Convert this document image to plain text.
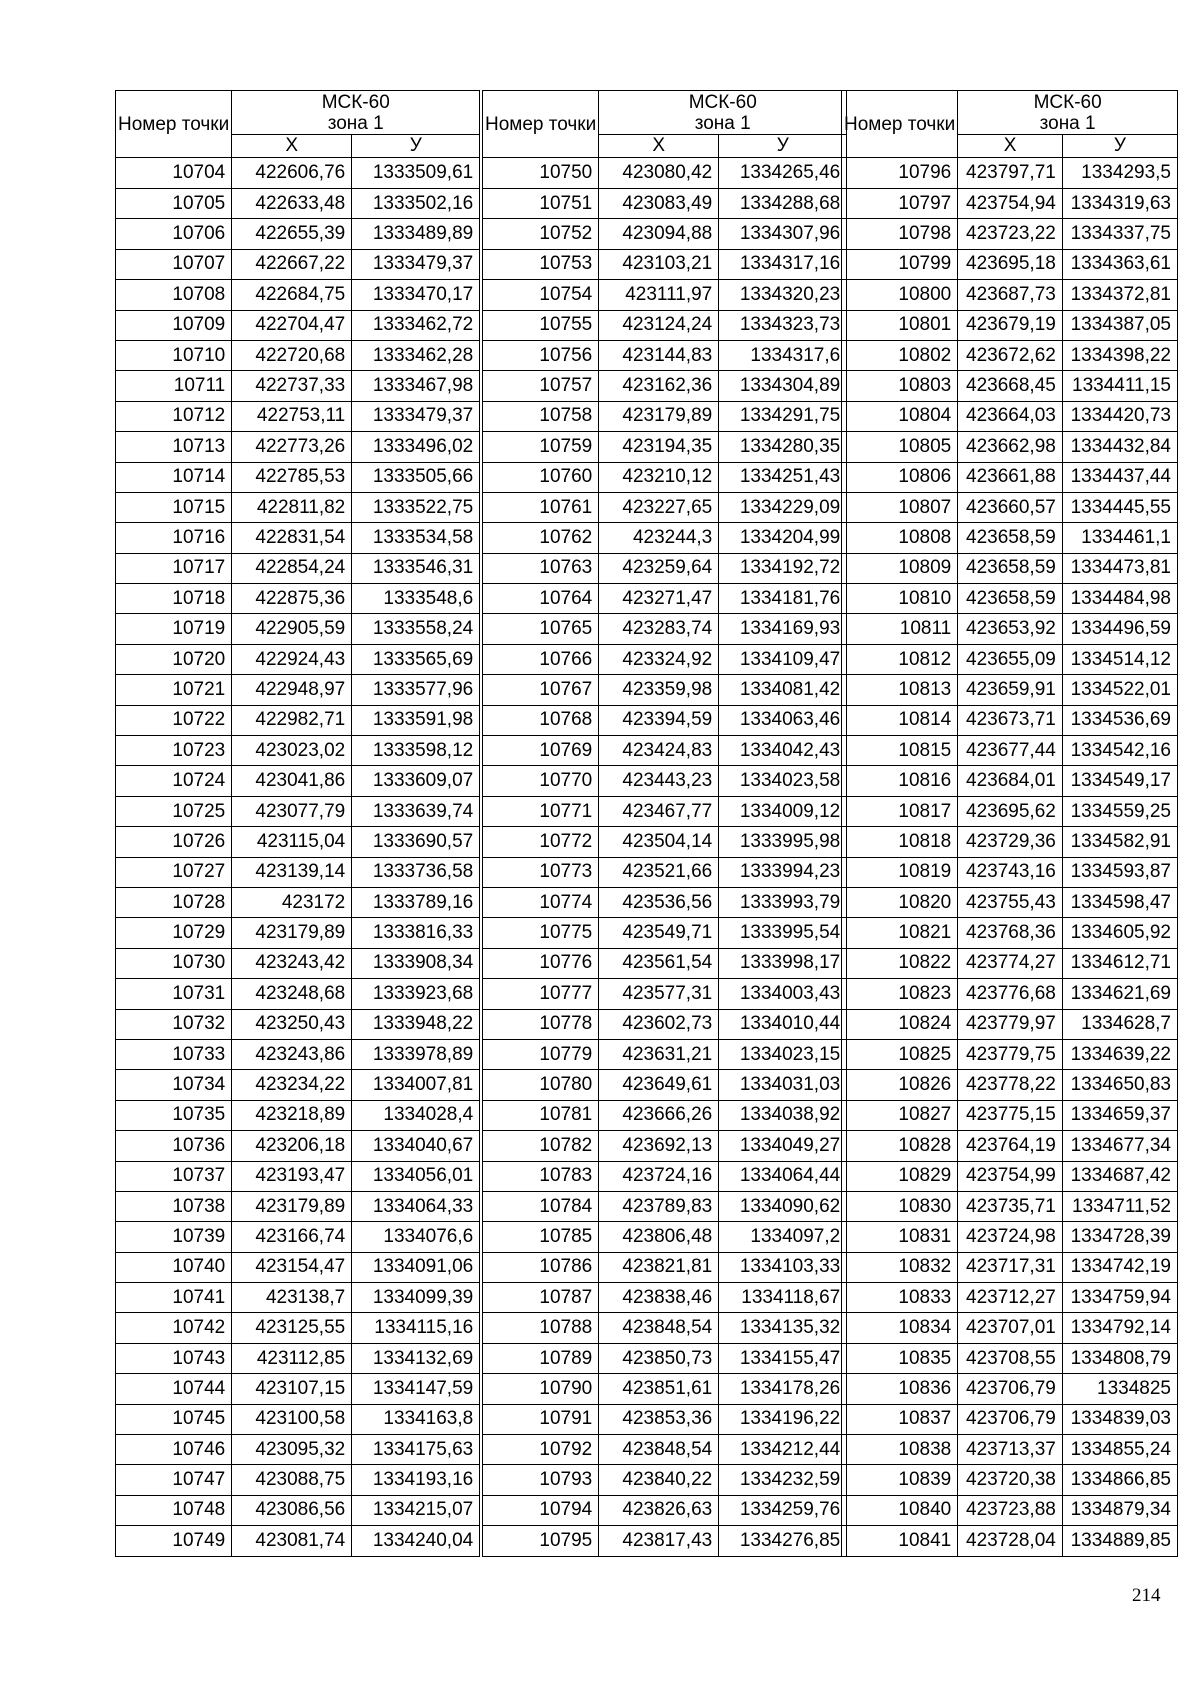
Номер точки	МСК-60
зона 1	
	X	У
10704	422606,76	1333509,61
10705	422633,48	1333502,16
10706	422655,39	1333489,89
10707	422667,22	1333479,37
10708	422684,75	1333470,17
10709	422704,47	1333462,72
10710	422720,68	1333462,28
10711	422737,33	1333467,98
10712	422753,11	1333479,37
10713	422773,26	1333496,02
10714	422785,53	1333505,66
10715	422811,82	1333522,75
10716	422831,54	1333534,58
10717	422854,24	1333546,31
10718	422875,36	1333548,6
10719	422905,59	1333558,24
10720	422924,43	1333565,69
10721	422948,97	1333577,96
10722	422982,71	1333591,98
10723	423023,02	1333598,12
10724	423041,86	1333609,07
10725	423077,79	1333639,74
10726	423115,04	1333690,57
10727	423139,14	1333736,58
10728	423172	1333789,16
10729	423179,89	1333816,33
10730	423243,42	1333908,34
10731	423248,68	1333923,68
10732	423250,43	1333948,22
10733	423243,86	1333978,89
10734	423234,22	1334007,81
10735	423218,89	1334028,4
10736	423206,18	1334040,67
10737	423193,47	1334056,01
10738	423179,89	1334064,33
10739	423166,74	1334076,6
10740	423154,47	1334091,06
10741	423138,7	1334099,39
10742	423125,55	1334115,16
10743	423112,85	1334132,69
10744	423107,15	1334147,59
10745	423100,58	1334163,8
10746	423095,32	1334175,63
10747	423088,75	1334193,16
10748	423086,56	1334215,07
10749	423081,74	1334240,04
Номер точки	МСК-60
зона 1	
	X	У
10750	423080,42	1334265,46
10751	423083,49	1334288,68
10752	423094,88	1334307,96
10753	423103,21	1334317,16
10754	423111,97	1334320,23
10755	423124,24	1334323,73
10756	423144,83	1334317,6
10757	423162,36	1334304,89
10758	423179,89	1334291,75
10759	423194,35	1334280,35
10760	423210,12	1334251,43
10761	423227,65	1334229,09
10762	423244,3	1334204,99
10763	423259,64	1334192,72
10764	423271,47	1334181,76
10765	423283,74	1334169,93
10766	423324,92	1334109,47
10767	423359,98	1334081,42
10768	423394,59	1334063,46
10769	423424,83	1334042,43
10770	423443,23	1334023,58
10771	423467,77	1334009,12
10772	423504,14	1333995,98
10773	423521,66	1333994,23
10774	423536,56	1333993,79
10775	423549,71	1333995,54
10776	423561,54	1333998,17
10777	423577,31	1334003,43
10778	423602,73	1334010,44
10779	423631,21	1334023,15
10780	423649,61	1334031,03
10781	423666,26	1334038,92
10782	423692,13	1334049,27
10783	423724,16	1334064,44
10784	423789,83	1334090,62
10785	423806,48	1334097,2
10786	423821,81	1334103,33
10787	423838,46	1334118,67
10788	423848,54	1334135,32
10789	423850,73	1334155,47
10790	423851,61	1334178,26
10791	423853,36	1334196,22
10792	423848,54	1334212,44
10793	423840,22	1334232,59
10794	423826,63	1334259,76
10795	423817,43	1334276,85
Номер точки	МСК-60
зона 1	
	X	У
10796	423797,71	1334293,5
10797	423754,94	1334319,63
10798	423723,22	1334337,75
10799	423695,18	1334363,61
10800	423687,73	1334372,81
10801	423679,19	1334387,05
10802	423672,62	1334398,22
10803	423668,45	1334411,15
10804	423664,03	1334420,73
10805	423662,98	1334432,84
10806	423661,88	1334437,44
10807	423660,57	1334445,55
10808	423658,59	1334461,1
10809	423658,59	1334473,81
10810	423658,59	1334484,98
10811	423653,92	1334496,59
10812	423655,09	1334514,12
10813	423659,91	1334522,01
10814	423673,71	1334536,69
10815	423677,44	1334542,16
10816	423684,01	1334549,17
10817	423695,62	1334559,25
10818	423729,36	1334582,91
10819	423743,16	1334593,87
10820	423755,43	1334598,47
10821	423768,36	1334605,92
10822	423774,27	1334612,71
10823	423776,68	1334621,69
10824	423779,97	1334628,7
10825	423779,75	1334639,22
10826	423778,22	1334650,83
10827	423775,15	1334659,37
10828	423764,19	1334677,34
10829	423754,99	1334687,42
10830	423735,71	1334711,52
10831	423724,98	1334728,39
10832	423717,31	1334742,19
10833	423712,27	1334759,94
10834	423707,01	1334792,14
10835	423708,55	1334808,79
10836	423706,79	1334825
10837	423706,79	1334839,03
10838	423713,37	1334855,24
10839	423720,38	1334866,85
10840	423723,88	1334879,34
10841	423728,04	1334889,85
214
